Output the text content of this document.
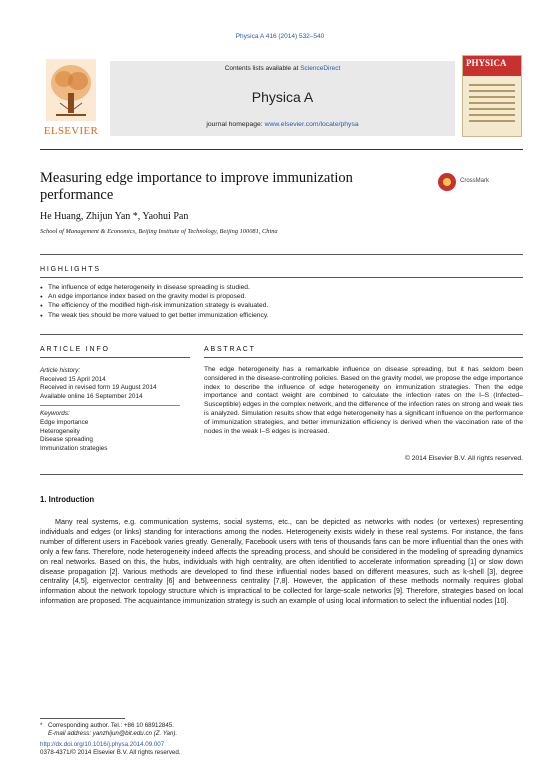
Physica A 416 (2014) 532–540
ELSEVIER
Contents lists available at ScienceDirect
Physica A
journal homepage: www.elsevier.com/locate/physa
PHYSICA
Measuring edge importance to improve immunization performance
CrossMark
He Huang, Zhijun Yan *, Yaohui Pan
School of Management & Economics, Beijing Institute of Technology, Beijing 100081, China
HIGHLIGHTS
● The influence of edge heterogeneity in disease spreading is studied.
● An edge importance index based on the gravity model is proposed.
● The efficiency of the modified high-risk immunization strategy is evaluated.
● The weak ties should be more valued to get better immunization efficiency.
ARTICLE INFO	ABSTRACT
Article history:
Received 15 April 2014
Received in revised form 19 August 2014
Available online 16 September 2014
Keywords:
Edge importance
Heterogeneity
Disease spreading
Immunization strategies
The edge heterogeneity has a remarkable influence on disease spreading, but it has seldom been considered in the disease-controlling policies. Based on the gravity model, we propose the edge importance index to describe the influence of edge heterogeneity on immunization strategies. Then the edge importance and contact weight are combined to calculate the infection rates on the I–S (Infected–Susceptible) edges in the complex network, and the difference of the infection rates on strong and weak ties is analyzed. Simulation results show that edge heterogeneity has a significant influence on the performance of immunization strategies, and better immunization efficiency is derived when the vaccination rate of the nodes in the weak I–S edges is increased.
© 2014 Elsevier B.V. All rights reserved.
1. Introduction
Many real systems, e.g. communication systems, social systems, etc., can be depicted as networks with nodes (or vertexes) representing individuals and edges (or links) standing for interactions among the nodes. Heterogeneity exists widely in these real systems. For instance, the fans number of different users in Facebook varies greatly. Generally, Facebook users with tens of thousands fans can be more influential than the ones with only a few fans. Therefore, node heterogeneity indeed affects the spreading process, and should be considered in the modeling of spreading dynamics on real networks. Based on this, the hubs, individuals with high centrality, are often identified to accelerate information spreading [1] or slow down disease propagation [2]. Various methods are developed to find these influential nodes based on different measures, such as k-shell [3], degree centrality [4,5], eigenvector centrality [6] and betweenness centrality [7,8]. However, the application of these methods normally requires global information about the network topology structure which is impractical to be collected for large-scale networks [9]. Therefore, strategies based on local information are proposed. The acquaintance immunization strategy is such an example of using local information to select the influential nodes [10].
* Corresponding author. Tel.: +86 10 68912845.
E-mail address: yanzhijun@bit.edu.cn (Z. Yan).
http://dx.doi.org/10.1016/j.physa.2014.09.007
0378-4371/© 2014 Elsevier B.V. All rights reserved.
